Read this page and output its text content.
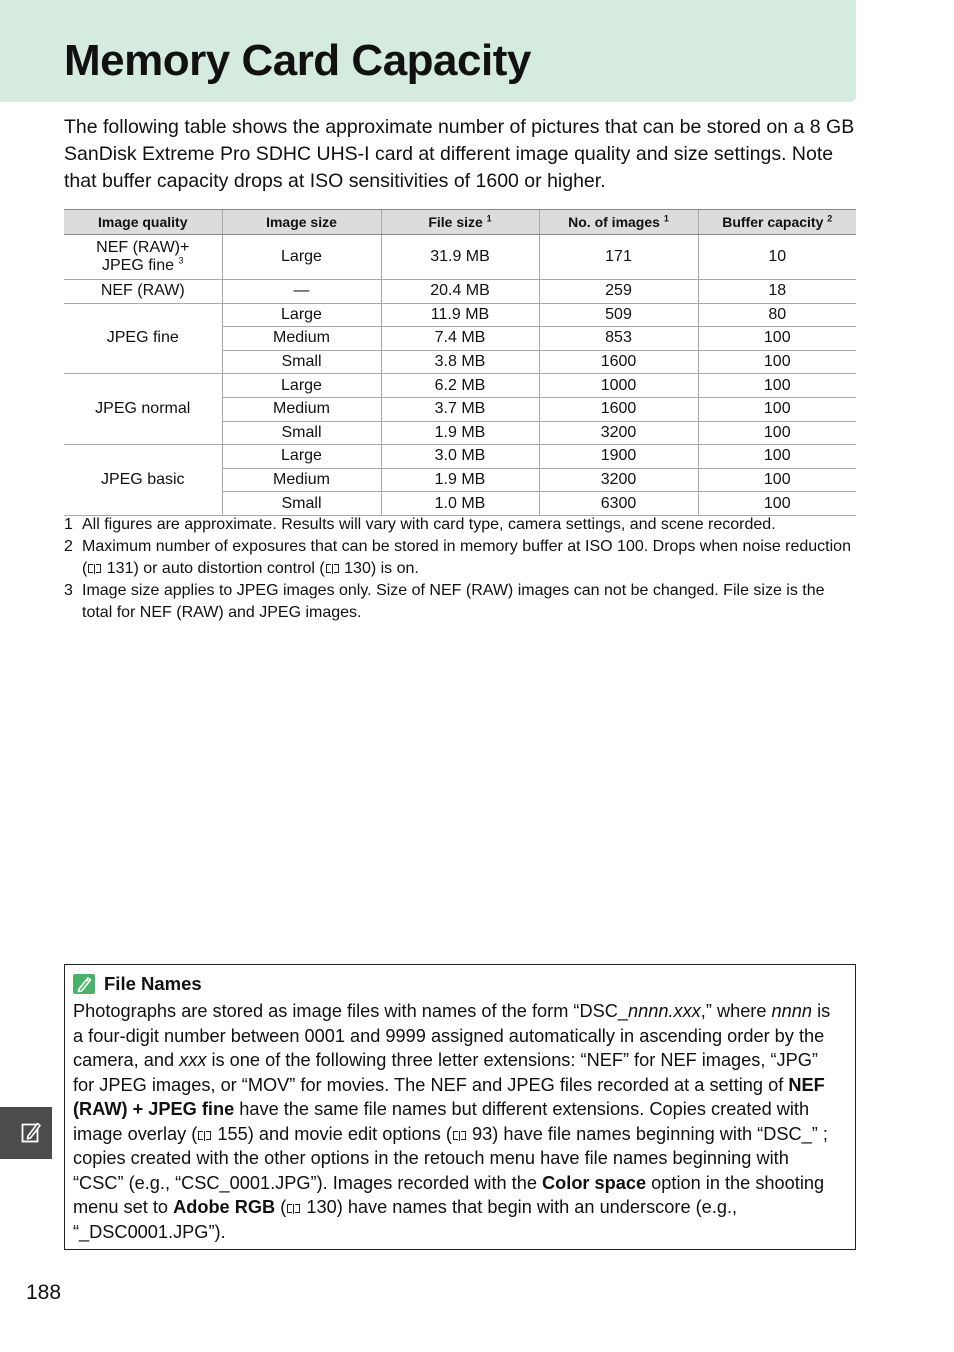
Memory Card Capacity

The following table shows the approximate number of pictures that can be stored on a 8 GB SanDisk Extreme Pro SDHC UHS-I card at different image quality and size settings. Note that buffer capacity drops at ISO sensitivities of 1600 or higher.

Image quality	Image size	File size $^1$	No. of images $^1$	Buffer capacity $^2$
NEF (RAW)+
JPEG fine $^3$	Large	31.9 MB	171	10
NEF (RAW)	—	20.4 MB	259	18
JPEG fine	Large	11.9 MB	509	80
	Medium	7.4 MB	853	100
	Small	3.8 MB	1600	100
JPEG normal	Large	6.2 MB	1000	100
	Medium	3.7 MB	1600	100
	Small	1.9 MB	3200	100
JPEG basic	Large	3.0 MB	1900	100
	Medium	1.9 MB	3200	100
	Small	1.0 MB	6300	100
1 All figures are approximate. Results will vary with card type, camera settings, and scene recorded.
2 Maximum number of exposures that can be stored in memory buffer at ISO 100. Drops when noise reduction ( 131) or auto distortion control ( 130) is on.
3 Image size applies to JPEG images only. Size of NEF (RAW) images can not be changed. File size is the total for NEF (RAW) and JPEG images.
File Names

Photographs are stored as image files with names of the form “DSC_nnnn.xxx,” where nnnn is a four-digit number between 0001 and 9999 assigned automatically in ascending order by the camera, and xxx is one of the following three letter extensions: “NEF” for NEF images, “JPG” for JPEG images, or “MOV” for movies. The NEF and JPEG files recorded at a setting of NEF (RAW) + JPEG fine have the same file names but different extensions. Copies created with image overlay ( 155) and movie edit options ( 93) have file names beginning with “DSC_” ; copies created with the other options in the retouch menu have file names beginning with “CSC” (e.g., “CSC_0001.JPG”). Images recorded with the Color space option in the shooting menu set to Adobe RGB ( 130) have names that begin with an underscore (e.g., “_DSC0001.JPG”).

188
